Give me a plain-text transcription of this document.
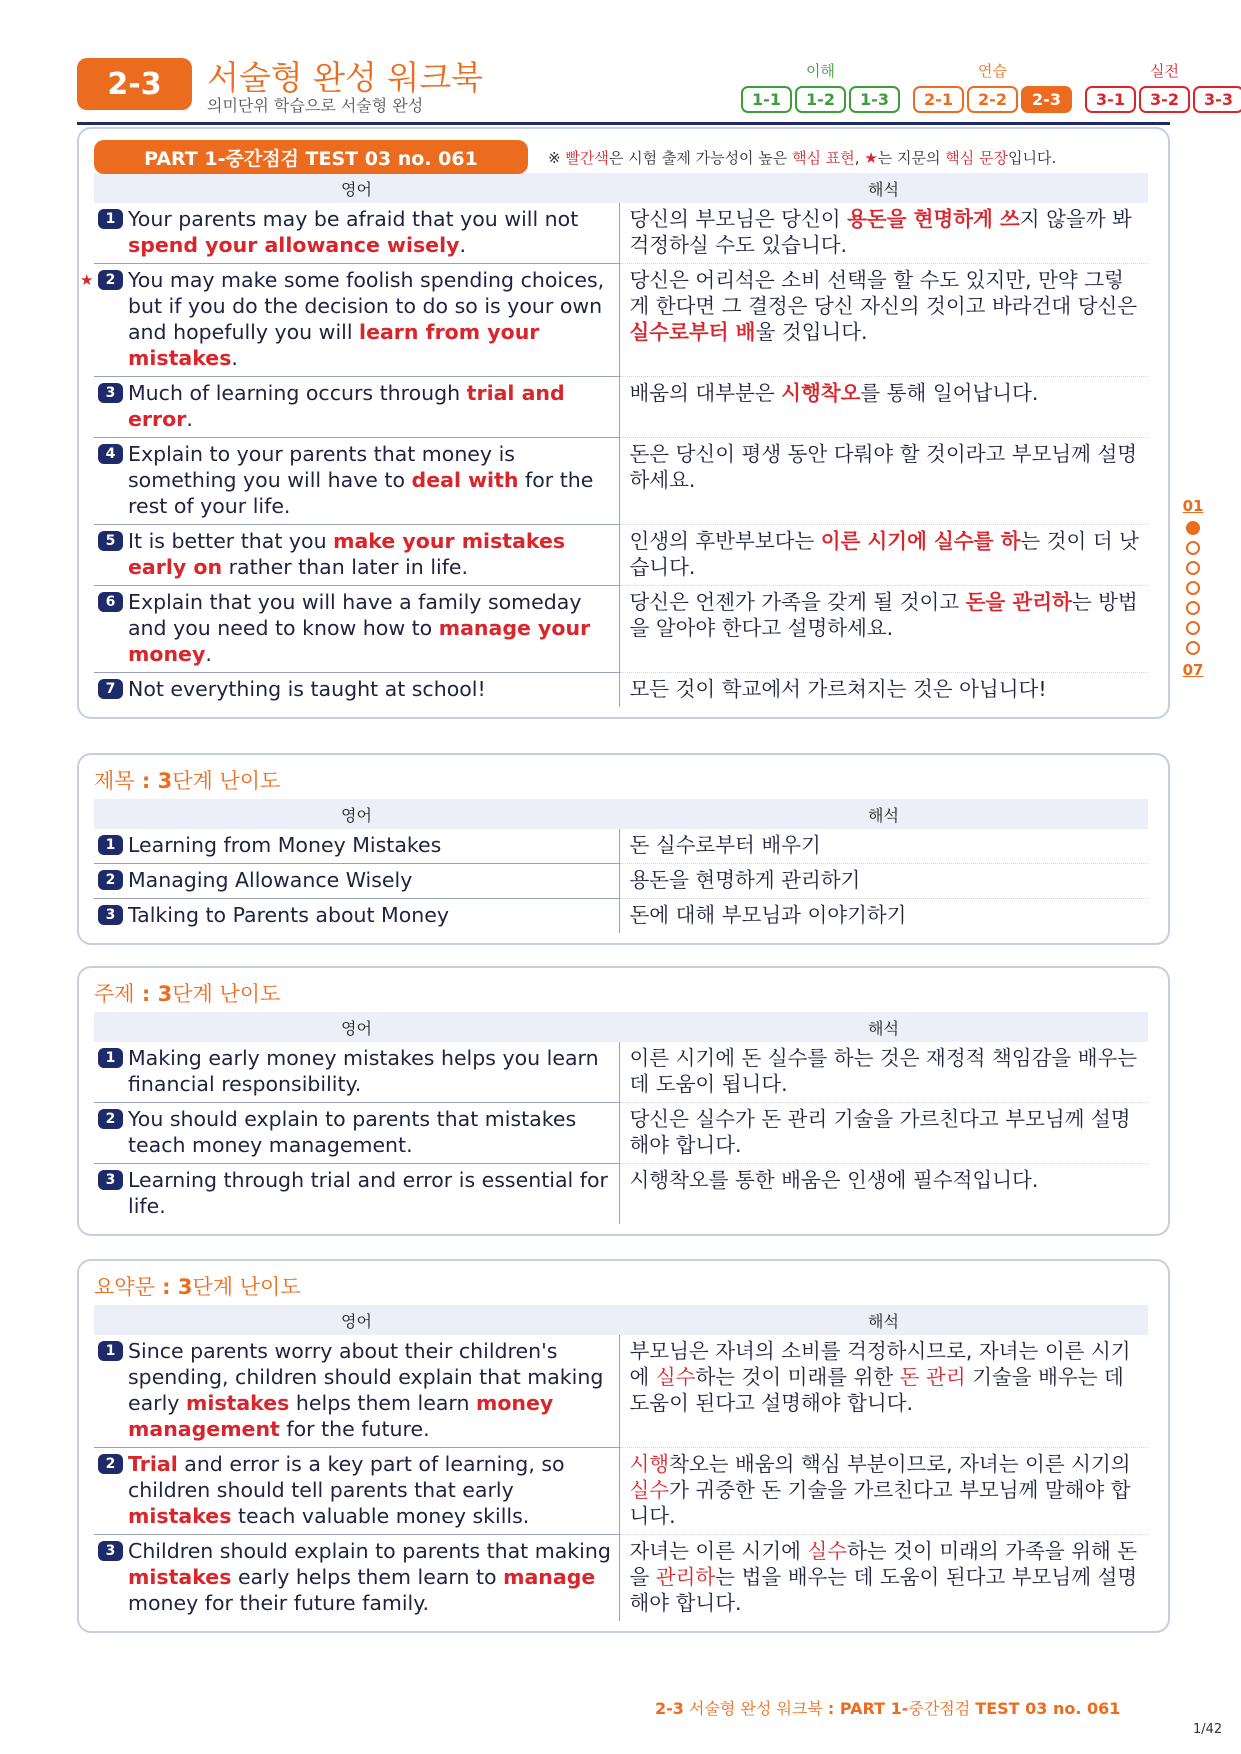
2-3	서술형 완성 워크북
의미단위 학습으로 서술형 완성
이해
1-1	1-2	1-3
연습
2-1	2-2	2-3
실전
3-1	3-2	3-3
PART 1-중간점검 TEST 03 no. 061	※ 빨간색은 시험 출제 가능성이 높은 핵심 표현, ★는 지문의 핵심 문장입니다.
영어	해석

1 Your parents may be afraid that you will not spend your allowance wisely.	당신의 부모님은 당신이 용돈을 현명하게 쓰지 않을까 봐 걱정하실 수도 있습니다.

★ 2 You may make some foolish spending choices, but if you do the decision to do so is your own and hopefully you will learn from your mistakes.	당신은 어리석은 소비 선택을 할 수도 있지만, 만약 그렇게 한다면 그 결정은 당신 자신의 것이고 바라건대 당신은 실수로부터 배울 것입니다.

3 Much of learning occurs through trial and error.	배움의 대부분은 시행착오를 통해 일어납니다.

4 Explain to your parents that money is something you will have to deal with for the rest of your life.	돈은 당신이 평생 동안 다뤄야 할 것이라고 부모님께 설명하세요.

5 It is better that you make your mistakes early on rather than later in life.	인생의 후반부보다는 이른 시기에 실수를 하는 것이 더 낫습니다.

6 Explain that you will have a family someday and you need to know how to manage your money.	당신은 언젠가 가족을 갖게 될 것이고 돈을 관리하는 방법을 알아야 한다고 설명하세요.

7 Not everything is taught at school!	모든 것이 학교에서 가르쳐지는 것은 아닙니다!
제목 : 3단계 난이도
영어	해석

1 Learning from Money Mistakes	돈 실수로부터 배우기

2 Managing Allowance Wisely	용돈을 현명하게 관리하기

3 Talking to Parents about Money	돈에 대해 부모님과 이야기하기
주제 : 3단계 난이도
영어	해석

1 Making early money mistakes helps you learn financial responsibility.	이른 시기에 돈 실수를 하는 것은 재정적 책임감을 배우는 데 도움이 됩니다.

2 You should explain to parents that mistakes teach money management.	당신은 실수가 돈 관리 기술을 가르친다고 부모님께 설명해야 합니다.

3 Learning through trial and error is essential for life.	시행착오를 통한 배움은 인생에 필수적입니다.
요약문 : 3단계 난이도
영어	해석

1 Since parents worry about their children's spending, children should explain that making early mistakes helps them learn money management for the future.	부모님은 자녀의 소비를 걱정하시므로, 자녀는 이른 시기에 실수하는 것이 미래를 위한 돈 관리 기술을 배우는 데 도움이 된다고 설명해야 합니다.

2 Trial and error is a key part of learning, so children should tell parents that early mistakes teach valuable money skills.	시행착오는 배움의 핵심 부분이므로, 자녀는 이른 시기의 실수가 귀중한 돈 기술을 가르친다고 부모님께 말해야 합니다.

3 Children should explain to parents that making mistakes early helps them learn to manage money for their future family.	자녀는 이른 시기에 실수하는 것이 미래의 가족을 위해 돈을 관리하는 법을 배우는 데 도움이 된다고 부모님께 설명해야 합니다.
01
07
2-3 서술형 완성 워크북 : PART 1-중간점검 TEST 03 no. 061
1/42
